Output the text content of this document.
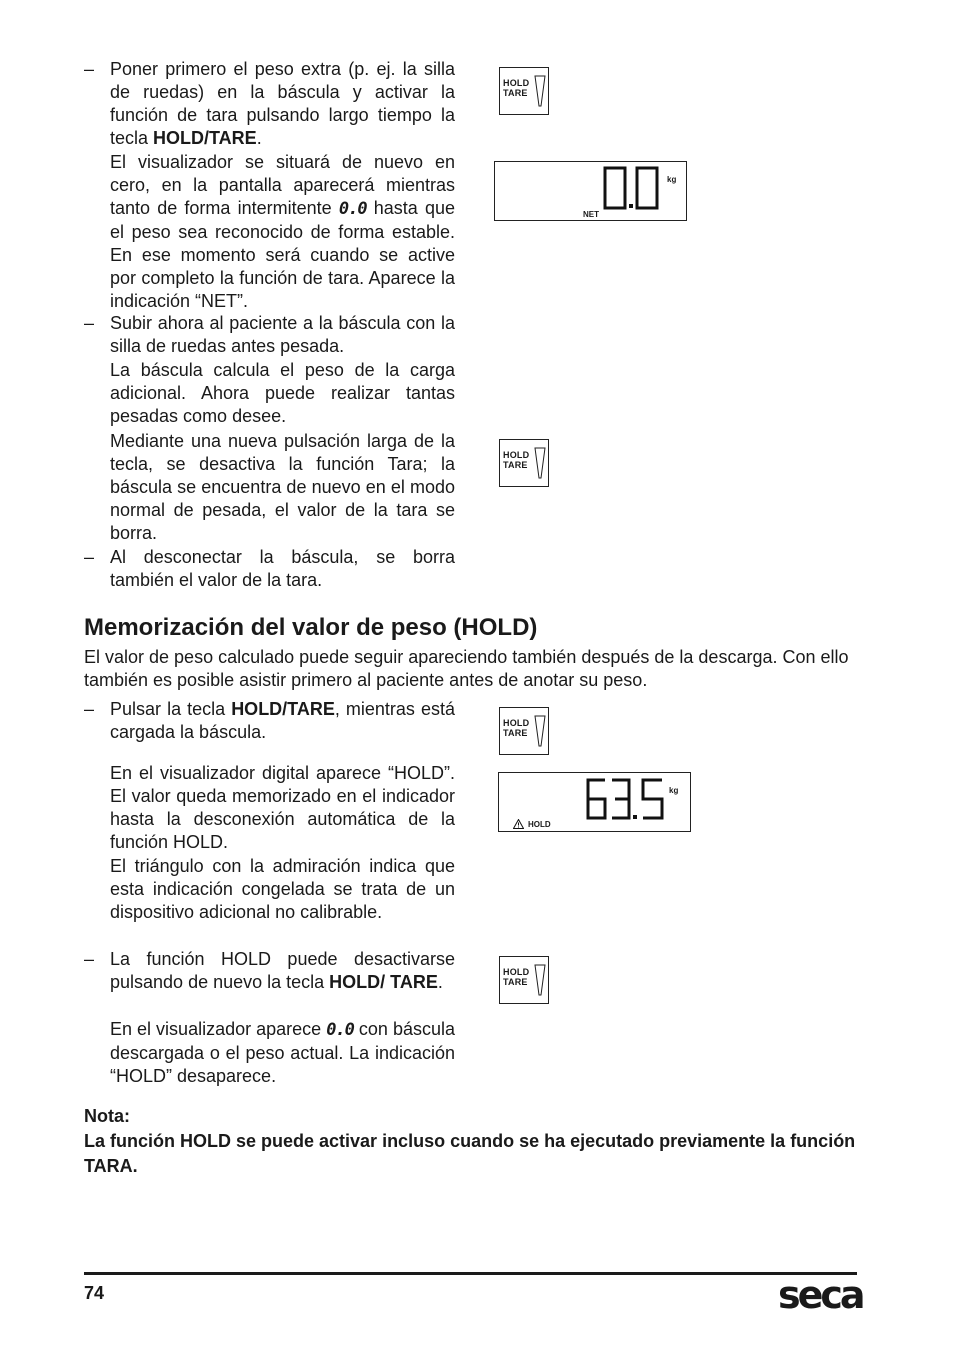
– Poner primero el peso extra (p. ej. la silla de ruedas) en la báscula y activar la función de tara pulsando largo tiempo la tecla HOLD/TARE.

El visualizador se situará de nuevo en cero, en la pantalla aparecerá mientras tanto de forma intermitente 0.0 hasta que el peso sea reconocido de forma estable. En ese momento será cuando se active por completo la función de tara. Aparece la indicación “NET”.

– Subir ahora al paciente a la báscula con la silla de ruedas antes pesada.

La báscula calcula el peso de la carga adicional. Ahora puede realizar tantas pesadas como desee.

Mediante una nueva pulsación larga de la tecla, se desactiva la función Tara; la báscula se encuentra de nuevo en el modo normal de pesada, el valor de la tara se borra.

– Al desconectar la báscula, se borra también el valor de la tara.

HOLD
TARE
kg
NET
HOLD
TARE
Memorización del valor de peso (HOLD)

El valor de peso calculado puede seguir apareciendo también después de la descarga. Con ello también es posible asistir primero al paciente antes de anotar su peso.

– Pulsar la tecla HOLD/TARE, mientras está cargada la báscula.

En el visualizador digital aparece “HOLD”. El valor queda memorizado en el indicador hasta la desconexión automática de la función HOLD.

El triángulo con la admiración indica que esta indicación congelada se trata de un dispositivo adicional no calibrable.

– La función HOLD puede desactivarse pulsando de nuevo la tecla HOLD/ TARE.

En el visualizador aparece 0.0 con báscula descargada o el peso actual. La indicación “HOLD” desaparece.

HOLD
TARE
kg
HOLD
HOLD
TARE

Nota:

La función HOLD se puede activar incluso cuando se ha ejecutado previamente la función TARA.

74	seca
